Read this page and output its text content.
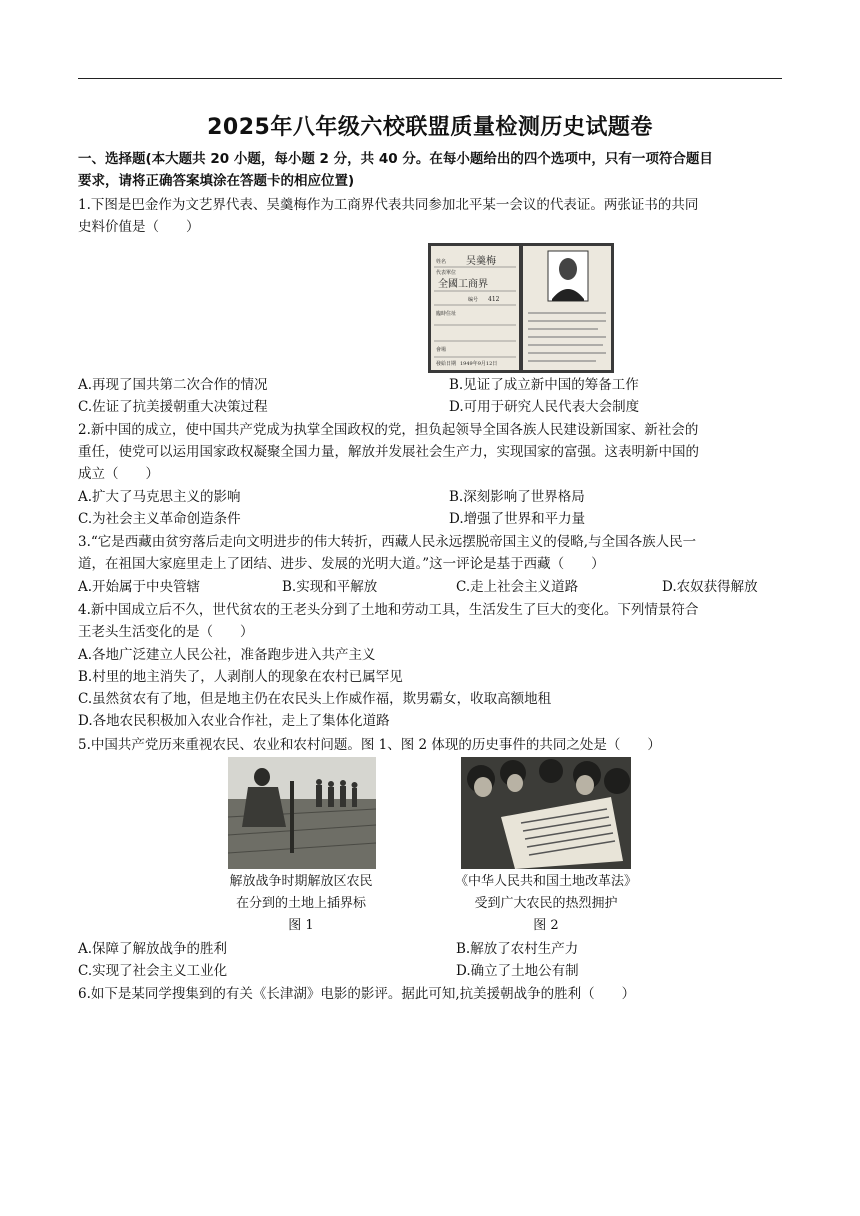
2025年八年级六校联盟质量检测历史试题卷
一、选择题(本大题共 20 小题，每小题 2 分，共 40 分。在每小题给出的四个选项中，只有一项符合题目
要求，请将正确答案填涂在答题卡的相应位置)
1.下图是巴金作为文艺界代表、吴羹梅作为工商界代表共同参加北平某一会议的代表证。两张证书的共同
史料价值是（　　）
姓名 吴羹梅
代表單位
全國工商界
编号 412
臨時住址
會場
發給日期 1949年9月12日
A.再现了国共第二次合作的情况	B.见证了成立新中国的筹备工作
C.佐证了抗美援朝重大决策过程	D.可用于研究人民代表大会制度
2.新中国的成立，使中国共产党成为执掌全国政权的党，担负起领导全国各族人民建设新国家、新社会的
重任，使党可以运用国家政权凝聚全国力量，解放并发展社会生产力，实现国家的富强。这表明新中国的
成立（　　）
A.扩大了马克思主义的影响	B.深刻影响了世界格局
C.为社会主义革命创造条件	D.增强了世界和平力量
3.“它是西藏由贫穷落后走向文明进步的伟大转折，西藏人民永远摆脱帝国主义的侵略,与全国各族人民一
道，在祖国大家庭里走上了团结、进步、发展的光明大道。”这一评论是基于西藏（　　）
A.开始属于中央管辖	B.实现和平解放	C.走上社会主义道路	D.农奴获得解放
4.新中国成立后不久，世代贫农的王老头分到了土地和劳动工具，生活发生了巨大的变化。下列情景符合
王老头生活变化的是（　　）
A.各地广泛建立人民公社，准备跑步进入共产主义
B.村里的地主消失了，人剥削人的现象在农村已属罕见
C.虽然贫农有了地，但是地主仍在农民头上作威作福，欺男霸女，收取高额地租
D.各地农民积极加入农业合作社，走上了集体化道路
5.中国共产党历来重视农民、农业和农村问题。图 1、图 2 体现的历史事件的共同之处是（　　）
解放战争时期解放区农民
在分到的土地上插界标
图 1
《中华人民共和国土地改革法》
受到广大农民的热烈拥护
图 2
A.保障了解放战争的胜利	B.解放了农村生产力
C.实现了社会主义工业化	D.确立了土地公有制
6.如下是某同学搜集到的有关《长津湖》电影的影评。据此可知,抗美援朝战争的胜利（　　）
